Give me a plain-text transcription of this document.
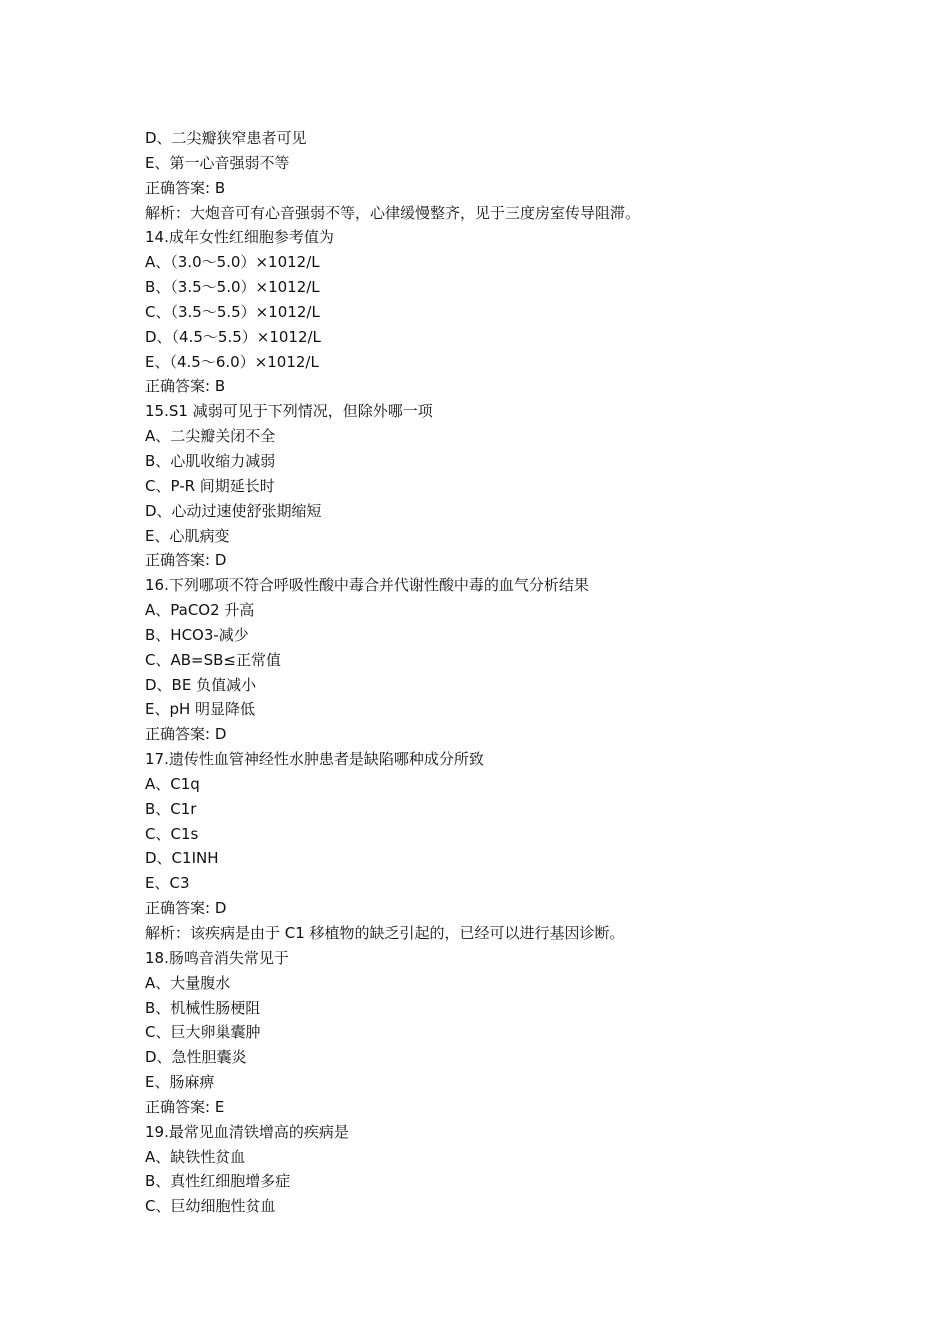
D、二尖瓣狭窄患者可见
E、第一心音强弱不等
正确答案: B
解析：大炮音可有心音强弱不等，心律缓慢整齐，见于三度房室传导阻滞。
14.成年女性红细胞参考值为
A、（3.0～5.0）×1012/L
B、（3.5～5.0）×1012/L
C、（3.5～5.5）×1012/L
D、（4.5～5.5）×1012/L
E、（4.5～6.0）×1012/L
正确答案: B
15.S1 减弱可见于下列情况，但除外哪一项
A、二尖瓣关闭不全
B、心肌收缩力减弱
C、P-R 间期延长时
D、心动过速使舒张期缩短
E、心肌病变
正确答案: D
16.下列哪项不符合呼吸性酸中毒合并代谢性酸中毒的血气分析结果
A、PaCO2 升高
B、HCO3-减少
C、AB=SB≤正常值
D、BE 负值减小
E、pH 明显降低
正确答案: D
17.遗传性血管神经性水肿患者是缺陷哪种成分所致
A、C1q
B、C1r
C、C1s
D、C1INH
E、C3
正确答案: D
解析：该疾病是由于 C1 移植物的缺乏引起的，已经可以进行基因诊断。
18.肠鸣音消失常见于
A、大量腹水
B、机械性肠梗阻
C、巨大卵巢囊肿
D、急性胆囊炎
E、肠麻痹
正确答案: E
19.最常见血清铁增高的疾病是
A、缺铁性贫血
B、真性红细胞增多症
C、巨幼细胞性贫血
